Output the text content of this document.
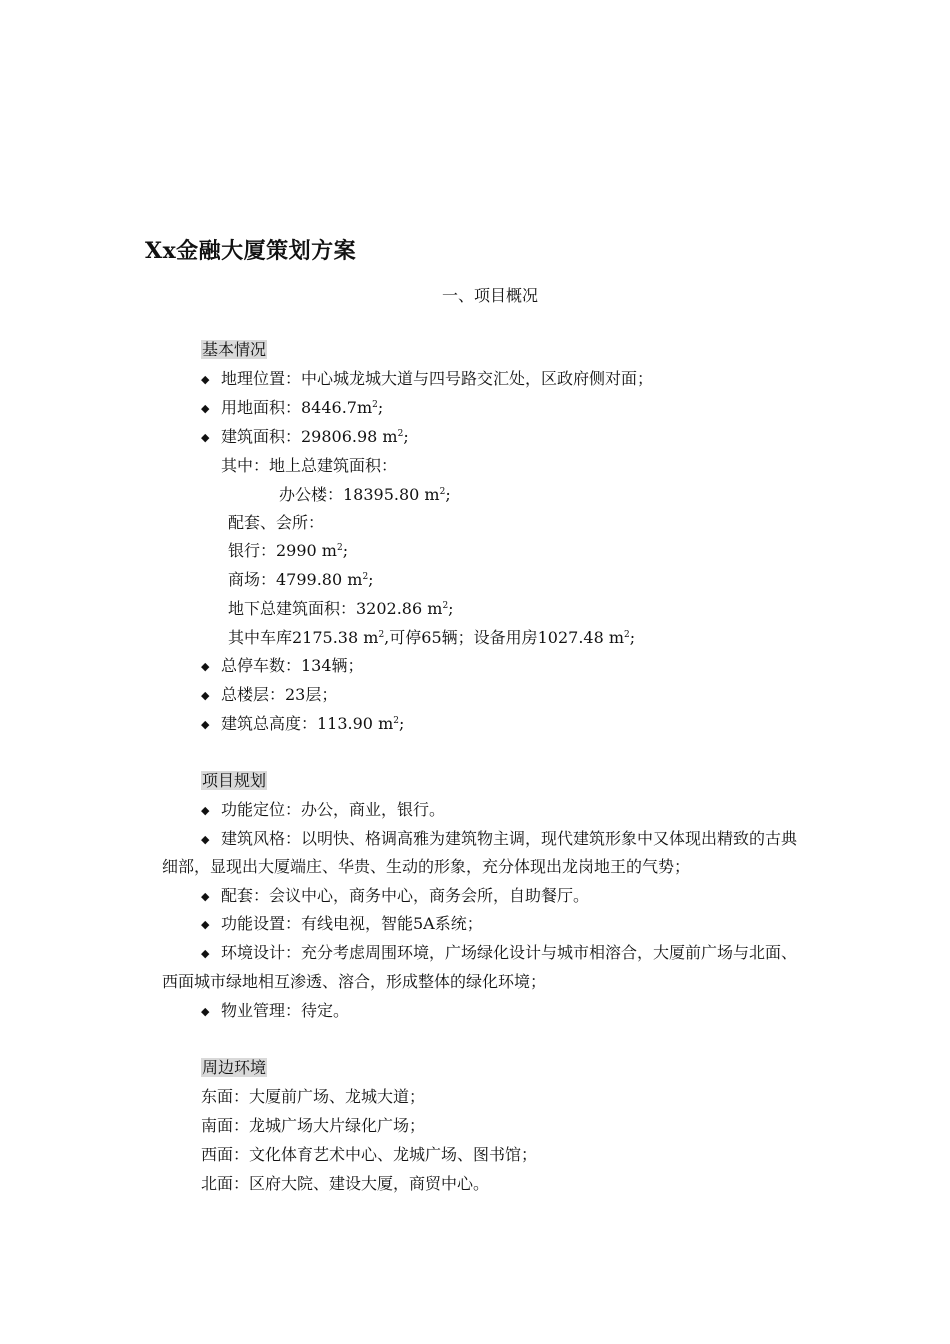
Xx金融大厦策划方案
一、项目概况
基本情况
◆ 地理位置：中心城龙城大道与四号路交汇处，区政府侧对面；
◆ 用地面积：$8446.7m^2$;
◆ 建筑面积：29806.98 $m^2$;
其中：地上总建筑面积：
办公楼：18395.80 $m^2$;
配套、会所：
银行：2990 $m^2$;
商场：4799.80 $m^2$;
地下总建筑面积：3202.86 $m^2$;
其中车库2175.38 $m^2$,可停65辆；设备用房1027.48 $m^2$;
◆ 总停车数：134辆；
◆ 总楼层：23层；
◆ 建筑总高度：113.90 $m^2$;
项目规划
◆ 功能定位：办公，商业，银行。
◆ 建筑风格：以明快、格调高雅为建筑物主调，现代建筑形象中又体现出精致的古典
细部，显现出大厦端庄、华贵、生动的形象，充分体现出龙岗地王的气势；
◆ 配套：会议中心，商务中心，商务会所，自助餐厅。
◆ 功能设置：有线电视，智能5A系统；
◆ 环境设计：充分考虑周围环境，广场绿化设计与城市相溶合，大厦前广场与北面、
西面城市绿地相互渗透、溶合，形成整体的绿化环境；
◆ 物业管理：待定。
周边环境
东面：大厦前广场、龙城大道；
南面：龙城广场大片绿化广场；
西面：文化体育艺术中心、龙城广场、图书馆；
北面：区府大院、建设大厦，商贸中心。
